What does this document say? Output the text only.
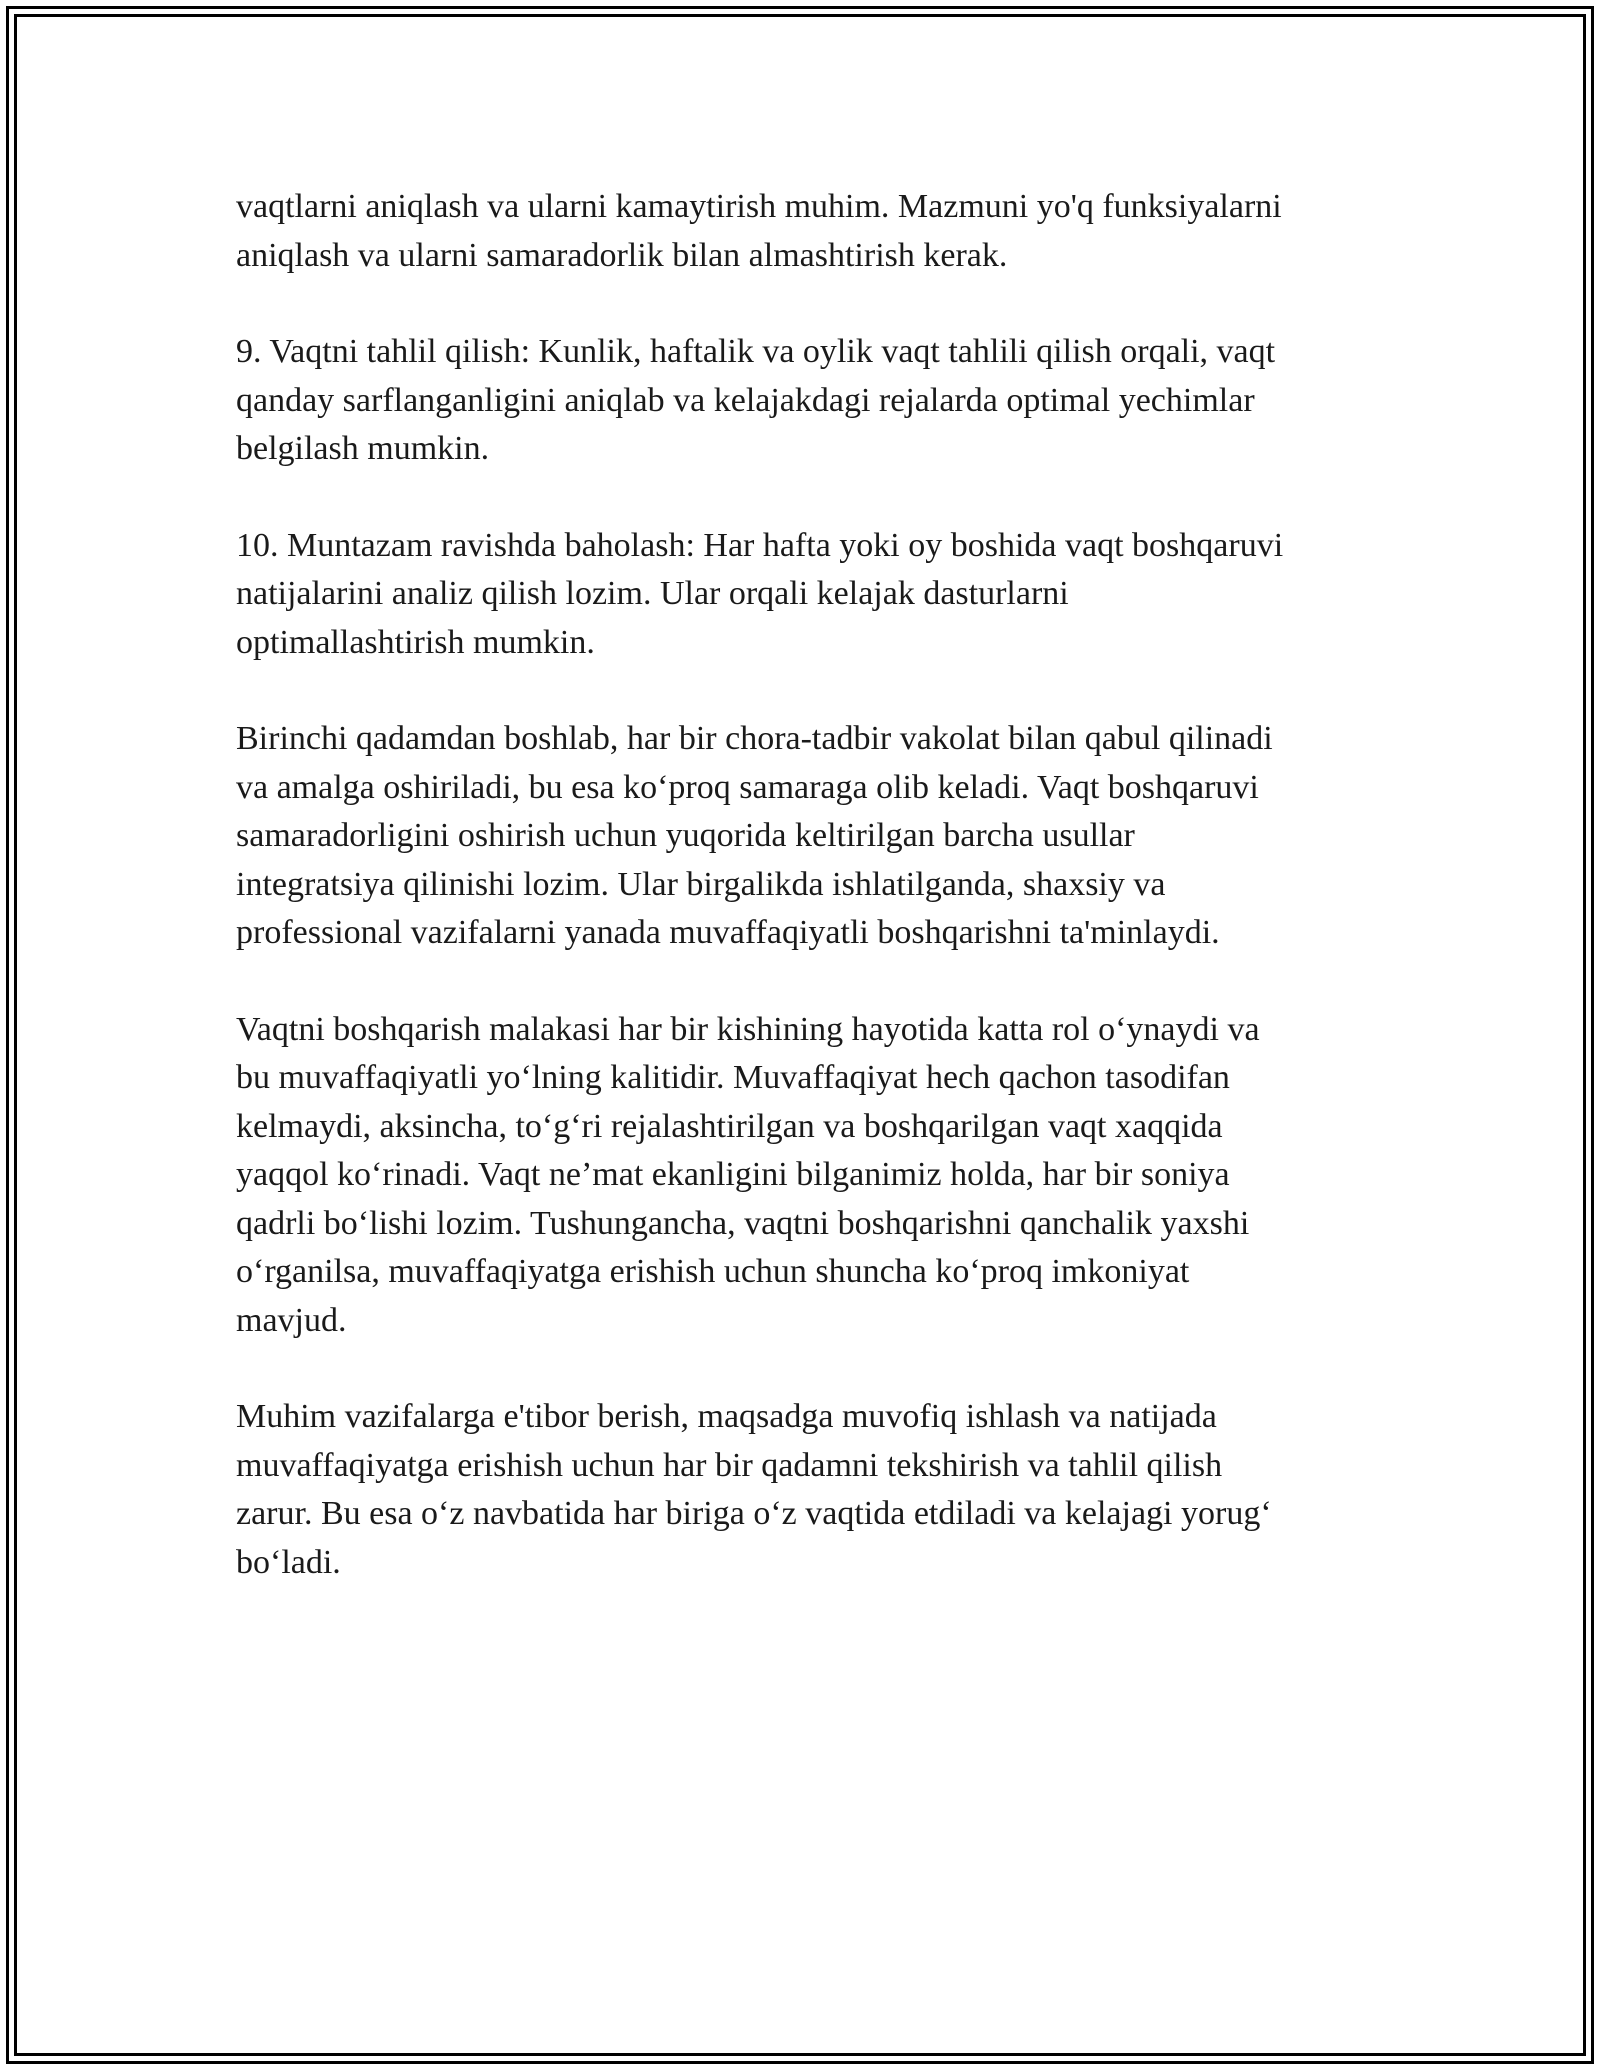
vaqtlarni aniqlash va ularni kamaytirish muhim. Mazmuni yo'q funksiyalarni
aniqlash va ularni samaradorlik bilan almashtirish kerak.

9. Vaqtni tahlil qilish: Kunlik, haftalik va oylik vaqt tahlili qilish orqali, vaqt
qanday sarflanganligini aniqlab va kelajakdagi rejalarda optimal yechimlar
belgilash mumkin.

10. Muntazam ravishda baholash: Har hafta yoki oy boshida vaqt boshqaruvi
natijalarini analiz qilish lozim. Ular orqali kelajak dasturlarni
optimallashtirish mumkin.

Birinchi qadamdan boshlab, har bir chora-tadbir vakolat bilan qabul qilinadi
va amalga oshiriladi, bu esa ko‘proq samaraga olib keladi. Vaqt boshqaruvi
samaradorligini oshirish uchun yuqorida keltirilgan barcha usullar
integratsiya qilinishi lozim. Ular birgalikda ishlatilganda, shaxsiy va
professional vazifalarni yanada muvaffaqiyatli boshqarishni ta'minlaydi.

Vaqtni boshqarish malakasi har bir kishining hayotida katta rol o‘ynaydi va
bu muvaffaqiyatli yo‘lning kalitidir. Muvaffaqiyat hech qachon tasodifan
kelmaydi, aksincha, to‘g‘ri rejalashtirilgan va boshqarilgan vaqt xaqqida
yaqqol ko‘rinadi. Vaqt ne’mat ekanligini bilganimiz holda, har bir soniya
qadrli bo‘lishi lozim. Tushunganchа, vaqtni boshqarishni qanchalik yaxshi
o‘rganilsa, muvaffaqiyatga erishish uchun shuncha ko‘proq imkoniyat
mavjud.

Muhim vazifalarga e'tibor berish, maqsadga muvofiq ishlash va natijada
muvaffaqiyatga erishish uchun har bir qadamni tekshirish va tahlil qilish
zarur. Bu esa o‘z navbatida har biriga o‘z vaqtida etdiladi va kelajagi yorug‘
bo‘ladi.
